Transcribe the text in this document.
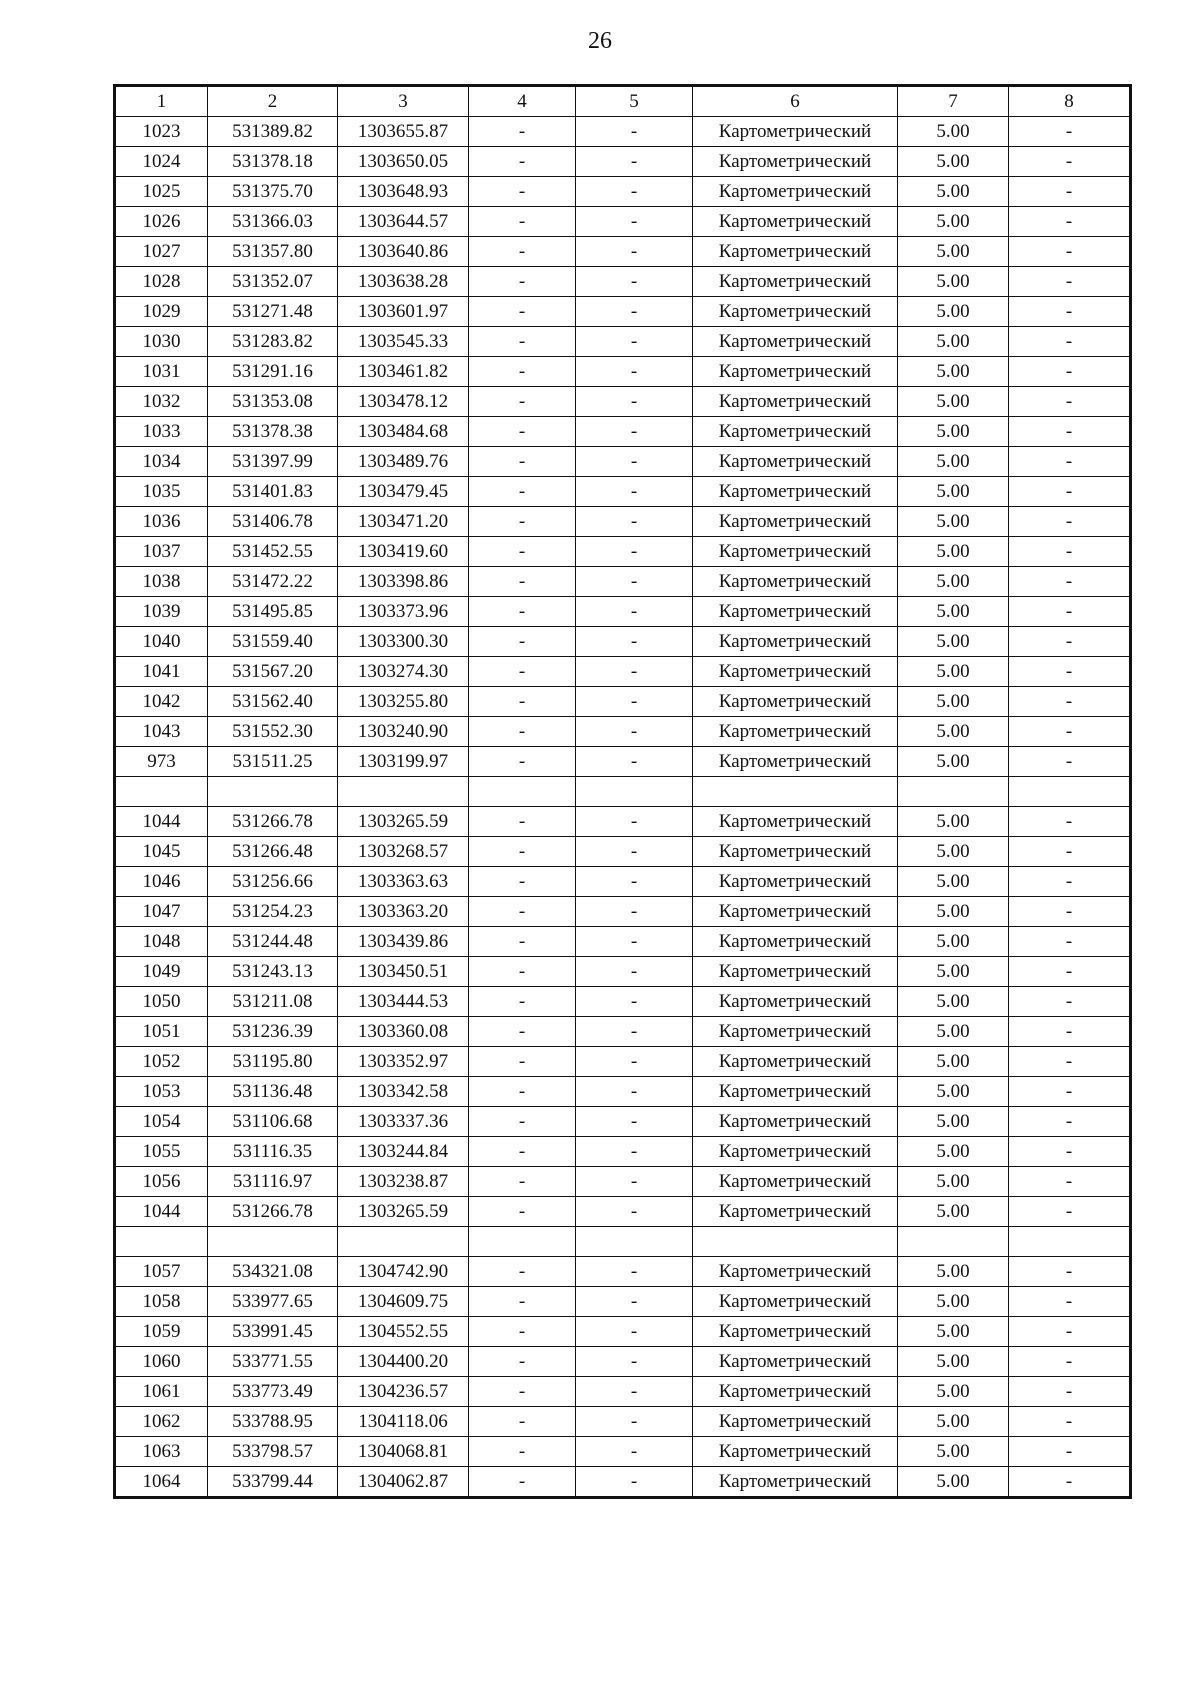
26
1	2	3	4	5	6	7	8
1023	531389.82	1303655.87	-	-	Картометрический	5.00	-
1024	531378.18	1303650.05	-	-	Картометрический	5.00	-
1025	531375.70	1303648.93	-	-	Картометрический	5.00	-
1026	531366.03	1303644.57	-	-	Картометрический	5.00	-
1027	531357.80	1303640.86	-	-	Картометрический	5.00	-
1028	531352.07	1303638.28	-	-	Картометрический	5.00	-
1029	531271.48	1303601.97	-	-	Картометрический	5.00	-
1030	531283.82	1303545.33	-	-	Картометрический	5.00	-
1031	531291.16	1303461.82	-	-	Картометрический	5.00	-
1032	531353.08	1303478.12	-	-	Картометрический	5.00	-
1033	531378.38	1303484.68	-	-	Картометрический	5.00	-
1034	531397.99	1303489.76	-	-	Картометрический	5.00	-
1035	531401.83	1303479.45	-	-	Картометрический	5.00	-
1036	531406.78	1303471.20	-	-	Картометрический	5.00	-
1037	531452.55	1303419.60	-	-	Картометрический	5.00	-
1038	531472.22	1303398.86	-	-	Картометрический	5.00	-
1039	531495.85	1303373.96	-	-	Картометрический	5.00	-
1040	531559.40	1303300.30	-	-	Картометрический	5.00	-
1041	531567.20	1303274.30	-	-	Картометрический	5.00	-
1042	531562.40	1303255.80	-	-	Картометрический	5.00	-
1043	531552.30	1303240.90	-	-	Картометрический	5.00	-
973	531511.25	1303199.97	-	-	Картометрический	5.00	-

1044	531266.78	1303265.59	-	-	Картометрический	5.00	-
1045	531266.48	1303268.57	-	-	Картометрический	5.00	-
1046	531256.66	1303363.63	-	-	Картометрический	5.00	-
1047	531254.23	1303363.20	-	-	Картометрический	5.00	-
1048	531244.48	1303439.86	-	-	Картометрический	5.00	-
1049	531243.13	1303450.51	-	-	Картометрический	5.00	-
1050	531211.08	1303444.53	-	-	Картометрический	5.00	-
1051	531236.39	1303360.08	-	-	Картометрический	5.00	-
1052	531195.80	1303352.97	-	-	Картометрический	5.00	-
1053	531136.48	1303342.58	-	-	Картометрический	5.00	-
1054	531106.68	1303337.36	-	-	Картометрический	5.00	-
1055	531116.35	1303244.84	-	-	Картометрический	5.00	-
1056	531116.97	1303238.87	-	-	Картометрический	5.00	-
1044	531266.78	1303265.59	-	-	Картометрический	5.00	-

1057	534321.08	1304742.90	-	-	Картометрический	5.00	-
1058	533977.65	1304609.75	-	-	Картометрический	5.00	-
1059	533991.45	1304552.55	-	-	Картометрический	5.00	-
1060	533771.55	1304400.20	-	-	Картометрический	5.00	-
1061	533773.49	1304236.57	-	-	Картометрический	5.00	-
1062	533788.95	1304118.06	-	-	Картометрический	5.00	-
1063	533798.57	1304068.81	-	-	Картометрический	5.00	-
1064	533799.44	1304062.87	-	-	Картометрический	5.00	-
